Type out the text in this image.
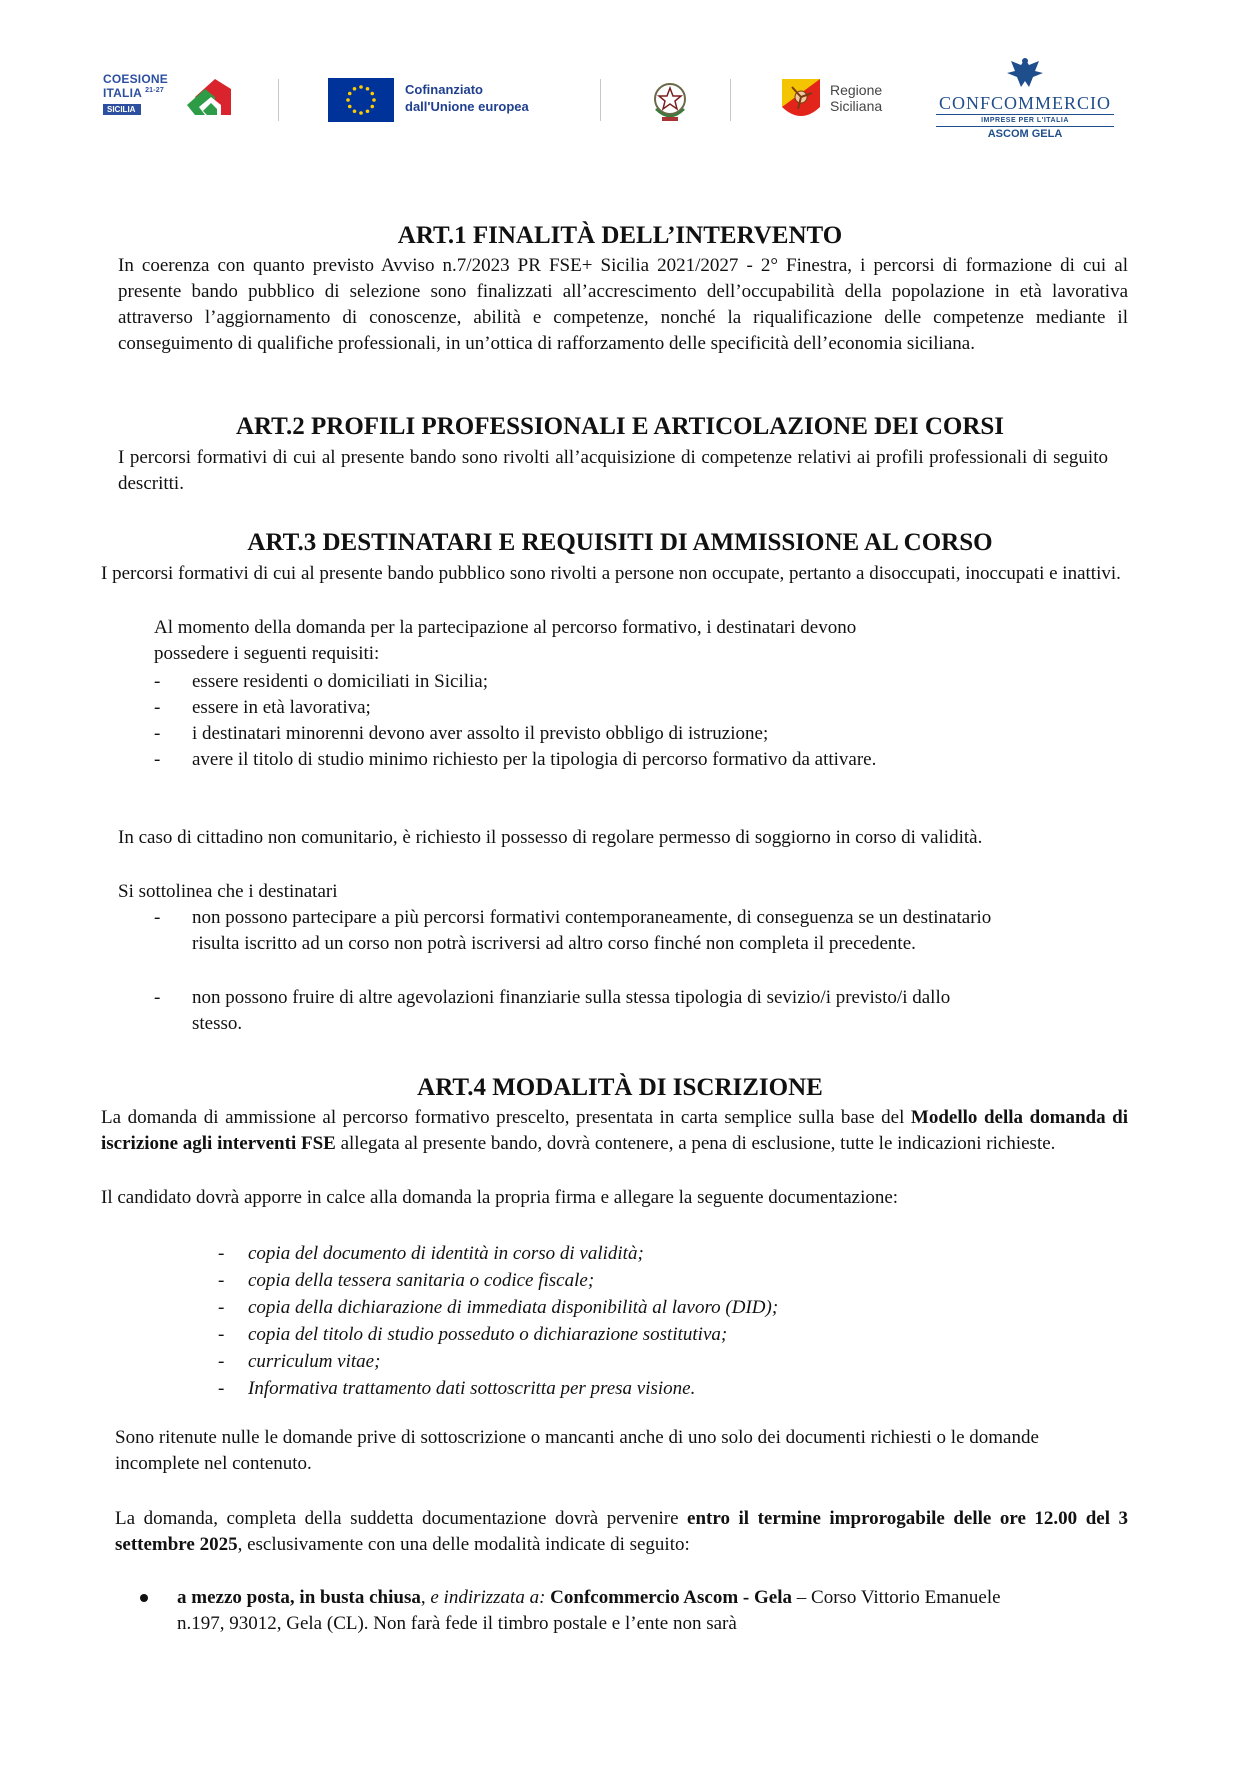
COESIONE
ITALIA $^{21-27}$
SICILIA
Cofinanziato
dall'Unione europea
Regione
Siciliana	CONFCOMMERCIO
IMPRESE PER L'ITALIA
ASCOM GELA
ART.1 FINALITÀ DELL’INTERVENTO

In coerenza con quanto previsto Avviso n.7/2023 PR FSE+ Sicilia 2021/2027 - 2° Finestra, i percorsi di formazione di cui al presente bando pubblico di selezione sono finalizzati all’accrescimento dell’occupabilità della popolazione in età lavorativa attraverso l’aggiornamento di conoscenze, abilità e competenze, nonché la riqualificazione delle competenze mediante il conseguimento di qualifiche professionali, in un’ottica di rafforzamento delle specificità dell’economia siciliana.

ART.2 PROFILI PROFESSIONALI E ARTICOLAZIONE DEI CORSI

I percorsi formativi di cui al presente bando sono rivolti all’acquisizione di competenze relativi ai profili professionali di seguito descritti.

ART.3 DESTINATARI E REQUISITI DI AMMISSIONE AL CORSO

I percorsi formativi di cui al presente bando pubblico sono rivolti a persone non occupate, pertanto a disoccupati, inoccupati e inattivi.

Al momento della domanda per la partecipazione al percorso formativo, i destinatari devono

possedere i seguenti requisiti:

- essere residenti o domiciliati in Sicilia;
- essere in età lavorativa;
- i destinatari minorenni devono aver assolto il previsto obbligo di istruzione;
- avere il titolo di studio minimo richiesto per la tipologia di percorso formativo da attivare.

In caso di cittadino non comunitario, è richiesto il possesso di regolare permesso di soggiorno in corso di validità.

Si sottolinea che i destinatari

- non possono partecipare a più percorsi formativi contemporaneamente, di conseguenza se un destinatario risulta iscritto ad un corso non potrà iscriversi ad altro corso finché non completa il precedente.
- non possono fruire di altre agevolazioni finanziarie sulla stessa tipologia di sevizio/i previsto/i dallo stesso.
ART.4 MODALITÀ DI ISCRIZIONE

La domanda di ammissione al percorso formativo prescelto, presentata in carta semplice sulla base del Modello della domanda di iscrizione agli interventi FSE allegata al presente bando, dovrà contenere, a pena di esclusione, tutte le indicazioni richieste.

Il candidato dovrà apporre in calce alla domanda la propria firma e allegare la seguente documentazione:

- copia del documento di identità in corso di validità;
- copia della tessera sanitaria o codice fiscale;
- copia della dichiarazione di immediata disponibilità al lavoro (DID);
- copia del titolo di studio posseduto o dichiarazione sostitutiva;
- curriculum vitae;
- Informativa trattamento dati sottoscritta per presa visione.

Sono ritenute nulle le domande prive di sottoscrizione o mancanti anche di uno solo dei documenti richiesti o le domande incomplete nel contenuto.

La domanda, completa della suddetta documentazione dovrà pervenire entro il termine improrogabile delle ore 12.00 del 3 settembre 2025, esclusivamente con una delle modalità indicate di seguito:

a mezzo posta, in busta chiusa, e indirizzata a: Confcommercio Ascom - Gela – Corso Vittorio Emanuele n.197, 93012, Gela (CL). Non farà fede il timbro postale e l’ente non sarà
